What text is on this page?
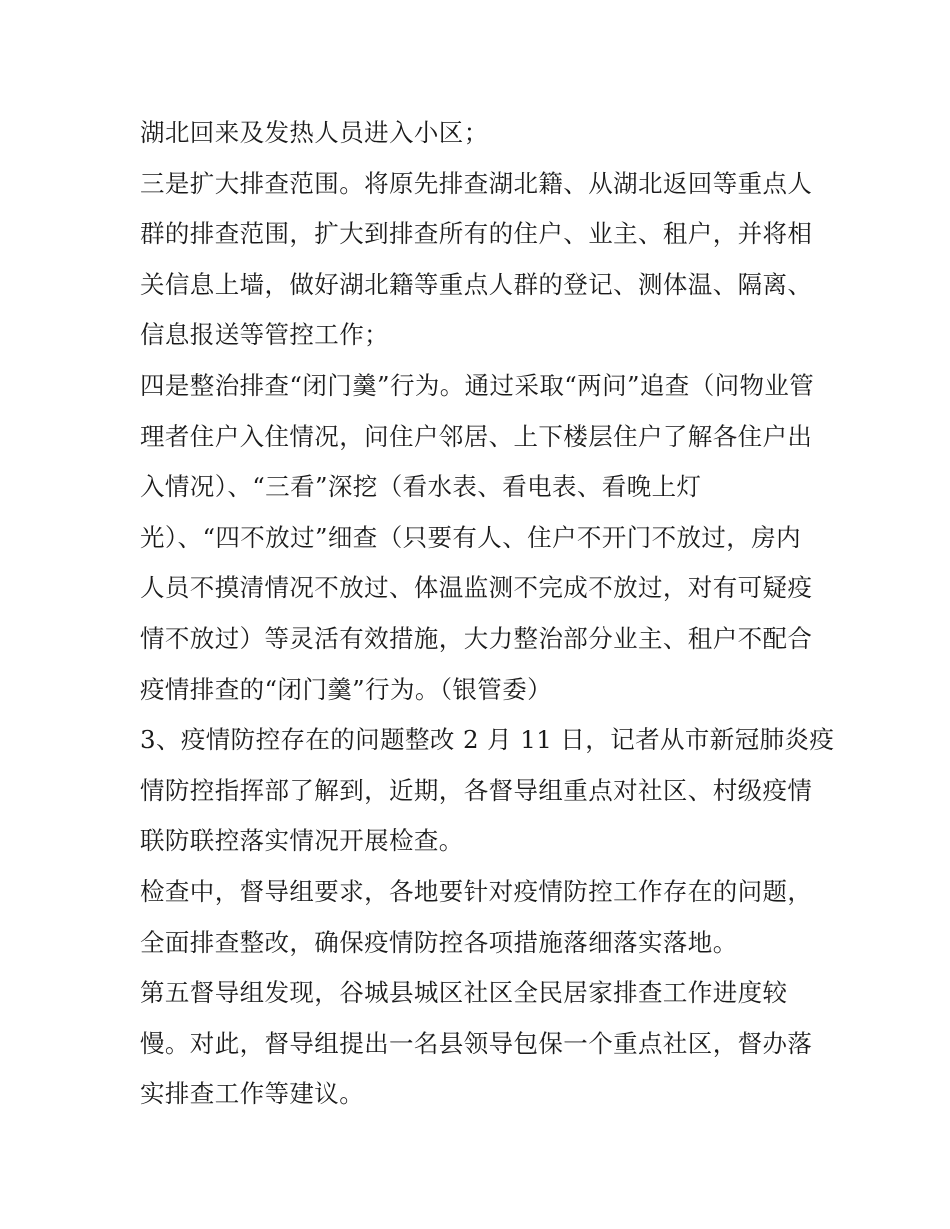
湖北回来及发热人员进入小区；

三是扩大排查范围。将原先排查湖北籍、从湖北返回等重点人
群的排查范围，扩大到排查所有的住户、业主、租户，并将相
关信息上墙，做好湖北籍等重点人群的登记、测体温、隔离、
信息报送等管控工作；

四是整治排查“闭门羹”行为。通过采取“两问”追查（问物业管
理者住户入住情况，问住户邻居、上下楼层住户了解各住户出
入情况）、“三看”深挖（看水表、看电表、看晚上灯
光）、“四不放过”细查（只要有人、住户不开门不放过，房内
人员不摸清情况不放过、体温监测不完成不放过，对有可疑疫
情不放过）等灵活有效措施，大力整治部分业主、租户不配合
疫情排查的“闭门羹”行为。（银管委）

3、疫情防控存在的问题整改 2 月 11 日，记者从市新冠肺炎疫
情防控指挥部了解到，近期，各督导组重点对社区、村级疫情
联防联控落实情况开展检查。

检查中，督导组要求，各地要针对疫情防控工作存在的问题，
全面排查整改，确保疫情防控各项措施落细落实落地。

第五督导组发现，谷城县城区社区全民居家排查工作进度较
慢。对此，督导组提出一名县领导包保一个重点社区，督办落
实排查工作等建议。
